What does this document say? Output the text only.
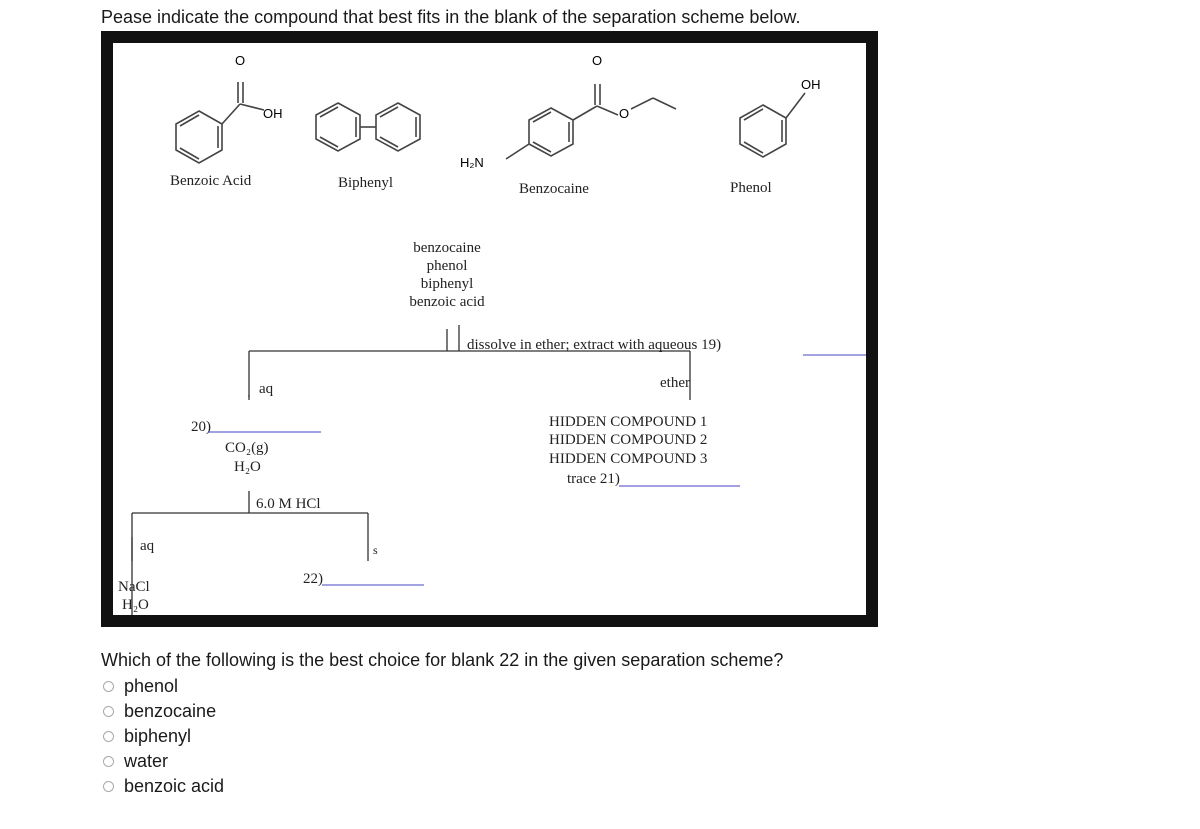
Pease indicate the compound that best fits in the blank of the separation scheme below.
O
OH
O
O
H₂N
OH
Benzoic Acid	Biphenyl	Benzocaine	Phenol
benzocaine
phenol
biphenyl
benzoic acid
dissolve in ether; extract with aqueous 19)
aq	ether
HIDDEN COMPOUND 1
HIDDEN COMPOUND 2
HIDDEN COMPOUND 3
trace 21)
20)
CO₂(g)
H₂O
6.0 M HCl
aq
NaCl
H₂O
22)
s
Which of the following is the best choice for blank 22 in the given separation scheme?
phenol
benzocaine
biphenyl
water
benzoic acid
